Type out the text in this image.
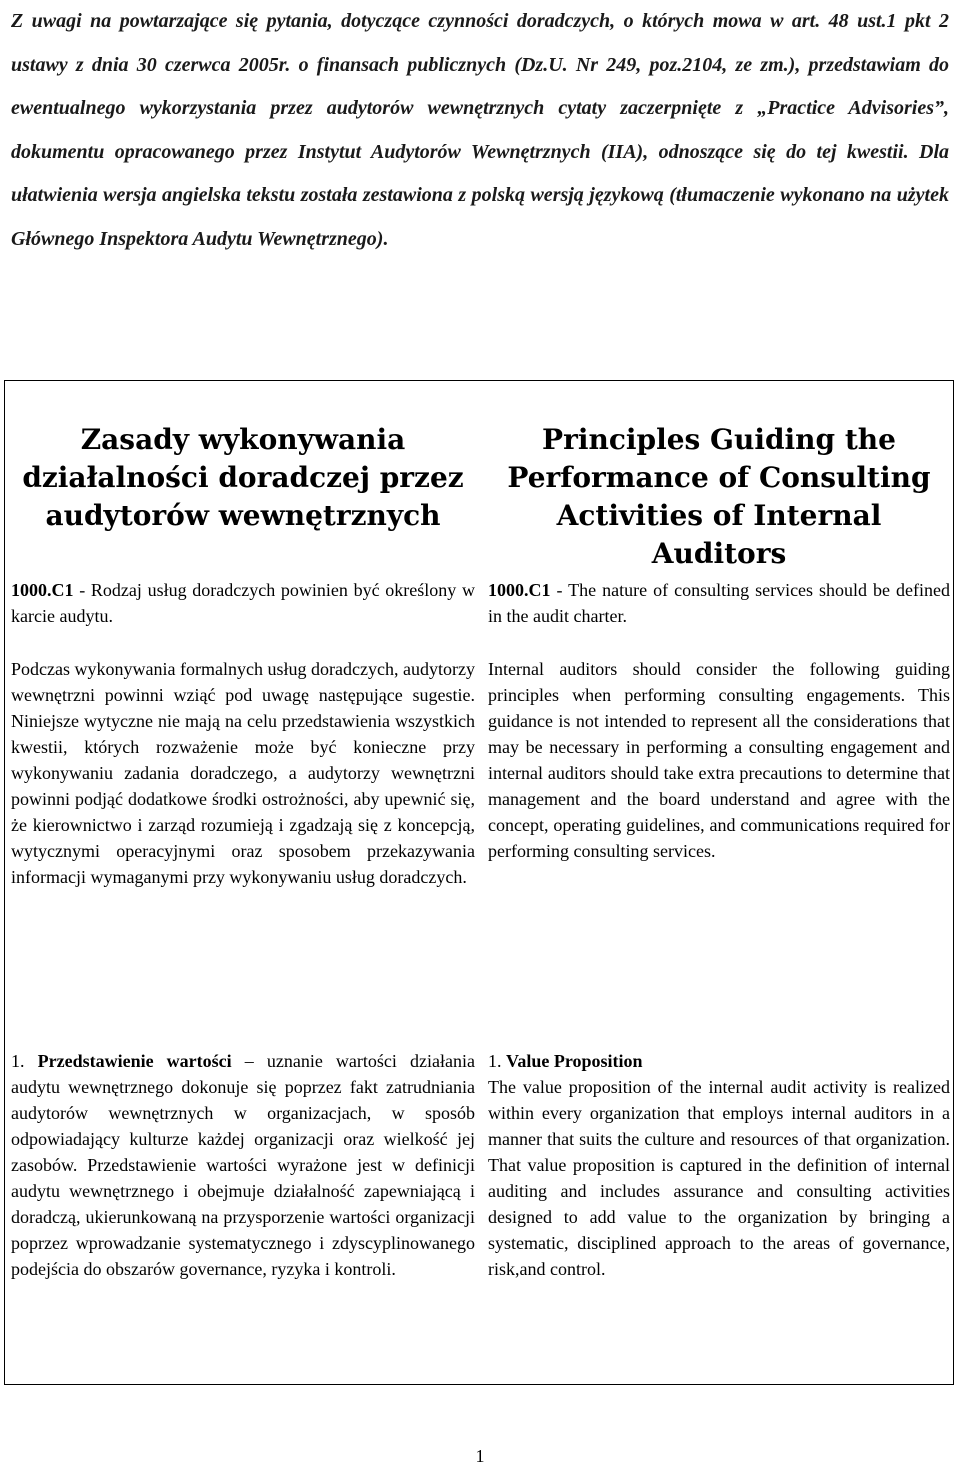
Z uwagi na powtarzające się pytania, dotyczące czynności doradczych, o których mowa w art. 48 ust.1 pkt 2 ustawy z dnia 30 czerwca 2005r. o finansach publicznych (Dz.U. Nr 249, poz.2104, ze zm.), przedstawiam do ewentualnego wykorzystania przez audytorów wewnętrznych cytaty zaczerpnięte z „Practice Advisories”, dokumentu opracowanego przez Instytut Audytorów Wewnętrznych (IIA), odnoszące się do tej kwestii. Dla ułatwienia wersja angielska tekstu została zestawiona z polską wersją językową (tłumaczenie wykonano na użytek Głównego Inspektora Audytu Wewnętrznego).

Zasady wykonywania działalności doradczej przez audytorów wewnętrznych

1000.C1 - Rodzaj usług doradczych powinien być określony w karcie audytu.

Podczas wykonywania formalnych usług doradczych, audytorzy wewnętrzni powinni wziąć pod uwagę następujące sugestie. Niniejsze wytyczne nie mają na celu przedstawienia wszystkich kwestii, których rozważenie może być konieczne przy wykonywaniu zadania doradczego, a audytorzy wewnętrzni powinni podjąć dodatkowe środki ostrożności, aby upewnić się, że kierownictwo i zarząd rozumieją i zgadzają się z koncepcją, wytycznymi operacyjnymi oraz sposobem przekazywania informacji wymaganymi przy wykonywaniu usług doradczych.

1. Przedstawienie wartości – uznanie wartości działania audytu wewnętrznego dokonuje się poprzez fakt zatrudniania audytorów wewnętrznych w organizacjach, w sposób odpowiadający kulturze każdej organizacji oraz wielkość jej zasobów. Przedstawienie wartości wyrażone jest w definicji audytu wewnętrznego i obejmuje działalność zapewniającą i doradczą, ukierunkowaną na przysporzenie wartości organizacji poprzez wprowadzanie systematycznego i zdyscyplinowanego podejścia do obszarów governance, ryzyka i kontroli.

Principles Guiding the Performance of Consulting Activities of Internal Auditors

1000.C1 - The nature of consulting services should be defined in the audit charter.

Internal auditors should consider the following guiding principles when performing consulting engagements. This guidance is not intended to represent all the considerations that may be necessary in performing a consulting engagement and internal auditors should take extra precautions to determine that management and the board understand and agree with the concept, operating guidelines, and communications required for performing consulting services.

1. Value Proposition
The value proposition of the internal audit activity is realized within every organization that employs internal auditors in a manner that suits the culture and resources of that organization. That value proposition is captured in the definition of internal auditing and includes assurance and consulting activities designed to add value to the organization by bringing a systematic, disciplined approach to the areas of governance, risk,and control.

1
